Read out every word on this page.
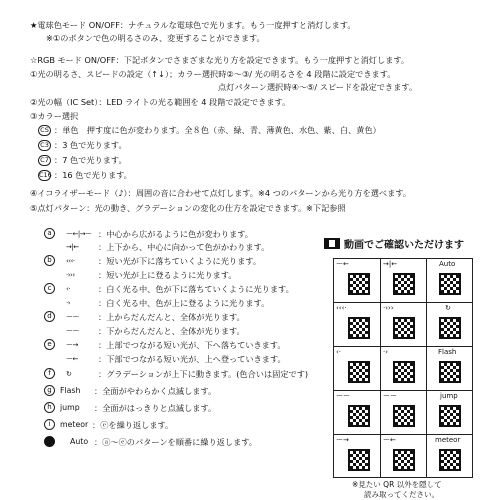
★電球色モード ON/OFF：ナチュラルな電球色で光ります。もう一度押すと消灯します。
※①のボタンで色の明るさのみ、変更することができます。
☆RGB モード ON/OFF：下記ボタンでさまざまな光り方を設定できます。もう一度押すと消灯します。
①光の明るさ、スピードの設定（↑↓）；カラー選択時②～③/ 光の明るさを 4 段階に設定できます。
点灯パターン選択時④～⑤/ スピードを設定できます。
②光の幅（IC Set）：LED ライトの光る範囲を 4 段階で設定できます。
③カラー選択
CS ：単色　押す度に色が変わります。全８色（赤、緑、青、薄黄色、水色、紫、白、黄色）
C3 ：3 色で光ります。
C7 ：7 色で光ります。
C16 ：16 色で光ります。
④イコライザーモード（♪）：周囲の音に合わせて点灯します。※4 つのパターンから光り方を選べます。
⑤点灯パターン：光の動き、グラデーションの変化の仕方を設定できます。※下記参照
a	ー←|→ー ：中心から広がるように色が変わります。
→|← ：上下から、中心に向かって色がかわります。
b	‹‹‹·	：短い光が下に落ちていくように光ります。
·›››	：短い光が上に登るように光ります。
c	‹·	：白く光る中、色が下に落ちていくように光ります。
·›	：白く光る中、色が上に登るように光ります。
d	ーー ：上からだんだんと、全体が光ります。
ーー ：下からだんだんと、全体が光ります。
e	ー→ ：上部でつながる短い光が、下へ落ちていきます。
ー← ：下部でつながる短い光が、上へ登っていきます。
f	↻	：グラデーションが上下に動きます。(色合いは固定です)
g	Flash ：全面がやわらかく点滅します。
h	jump ：全面がはっきりと点滅します。
i	meteor ：ⓔを繰り返します。
Auto ：ⓐ～ⓔのパターンを順番に繰り返します。
動画でご確認いただけます
ー←	→|←	Auto
‹‹‹·	·›››	↻
‹·	·›	Flash
ーー	ーー	jump
ー→	ー←	meteor
※見たい QR 以外を隠して
読み取ってください。
